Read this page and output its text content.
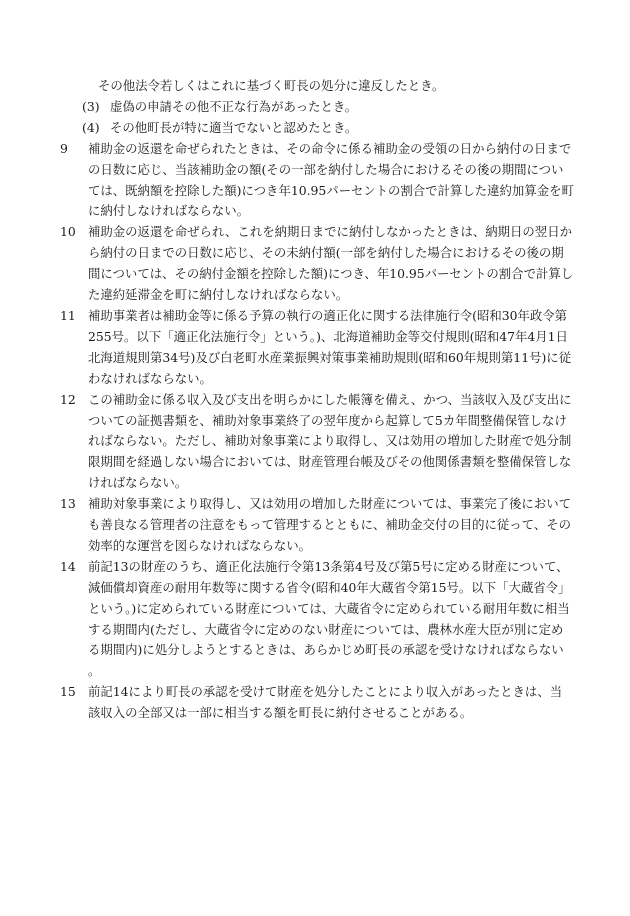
その他法令若しくはこれに基づく町長の処分に違反したとき。

(3) 虚偽の申請その他不正な行為があったとき。

(4) その他町長が特に適当でないと認めたとき。

9	補助金の返還を命ぜられたときは、その命令に係る補助金の受領の日から納付の日までの日数に応じ、当該補助金の額(その一部を納付した場合におけるその後の期間については、既納額を控除した額)につき年10.95パーセントの割合で計算した違約加算金を町に納付しなければならない。

10 補助金の返還を命ぜられ、これを納期日までに納付しなかったときは、納期日の翌日から納付の日までの日数に応じ、その未納付額(一部を納付した場合におけるその後の期間については、その納付金額を控除した額)につき、年10.95パーセントの割合で計算した違約延滞金を町に納付しなければならない。

11 補助事業者は補助金等に係る予算の執行の適正化に関する法律施行令(昭和30年政令第255号。以下「適正化法施行令」という。)、北海道補助金等交付規則(昭和47年4月1日北海道規則第34号)及び白老町水産業振興対策事業補助規則(昭和60年規則第11号)に従わなければならない。

12 この補助金に係る収入及び支出を明らかにした帳簿を備え、かつ、当該収入及び支出についての証拠書類を、補助対象事業終了の翌年度から起算して5カ年間整備保管しなければならない。ただし、補助対象事業により取得し、又は効用の増加した財産で処分制限期間を経過しない場合においては、財産管理台帳及びその他関係書類を整備保管しなければならない。

13 補助対象事業により取得し、又は効用の増加した財産については、事業完了後においても善良なる管理者の注意をもって管理するとともに、補助金交付の目的に従って、その効率的な運営を図らなければならない。

14 前記13の財産のうち、適正化法施行令第13条第4号及び第5号に定める財産について、減価償却資産の耐用年数等に関する省令(昭和40年大蔵省令第15号。以下「大蔵省令」という。)に定められている財産については、大蔵省令に定められている耐用年数に相当する期間内(ただし、大蔵省令に定めのない財産については、農林水産大臣が別に定める期間内)に処分しようとするときは、あらかじめ町長の承認を受けなければならない。

15 前記14により町長の承認を受けて財産を処分したことにより収入があったときは、当該収入の全部又は一部に相当する額を町長に納付させることがある。
